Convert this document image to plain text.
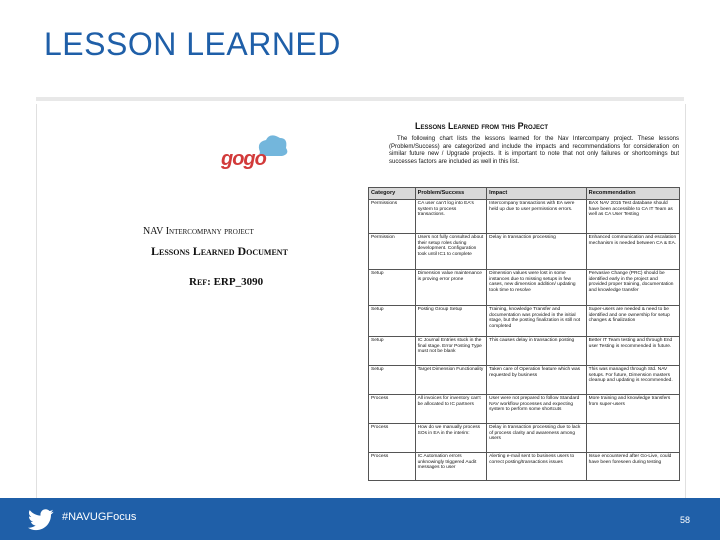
LESSON LEARNED
gogo
NAV Intercompany project
Lessons Learned Document
Ref: ERP_3090
Lessons Learned from this Project
The following chart lists the lessons learned for the Nav Intercompany project. These lessons (Problem/Success) are categorized and include the impacts and recommendations for consideration on similar future new / Upgrade projects. It is important to note that not only failures or shortcomings but successes factors are included as well in this list.
Category	Problem/Success	Impact	Recommendation
Permissions	CA user can't log into EA's system to process transactions.	Intercompany transactions with EA were held up due to user permissions errors.	BAX NAV 2015 Test database should have been accessible to CA IT Team as well as CA User Testing
Permission	Users not fully consulted about their setup roles during development. Configuration took until IC1 to complete	Delay in transaction processing	Enhanced communication and escalation mechanism is needed between CA & EA.
Setup	Dimension value maintenance is proving error prone	Dimension values were lost in some instances due to missing setups in few cases, new dimension addition/ updating took time to resolve	Pervasive Change (PRC) should be identified early in the project and provided proper training, documentation and knowledge transfer
Setup	Posting Group Setup	Training, knowledge Transfer and documentation was provided in the initial stage, but the posting finalization is still not completed	Super-users are needed & need to be identified and one ownership for setup changes & finalization
Setup	IC Journal Entries stuck in the final stage. Error Posting Type must not be blank	This causes delay in transaction posting	Better IT Team testing and through End user Testing is recommended in future.
Setup	Target Dimension Functionality	Taken care of Operation feature which was requested by business	This was managed through Std. NAV setups. For future, Dimension masters cleanup and updating is recommended.
Process	All invoices for inventory can't be allocated to IC partners	User were not prepared to follow Standard NAV workflow processes and expecting system to perform some shortcuts	More training and knowledge transfers from super-users
Process	How do we manually process SOs in EA in the interim:	Delay in transaction processing due to lack of process clarity and awareness among users	
Process	IC Automation errors unknowingly triggered Audit messages to user	Alerting e-mail sent to business users to correct posting/transactions issues	Issue encountered after Go-Live, could have been foreseen during testing
#NAVUGFocus	58
